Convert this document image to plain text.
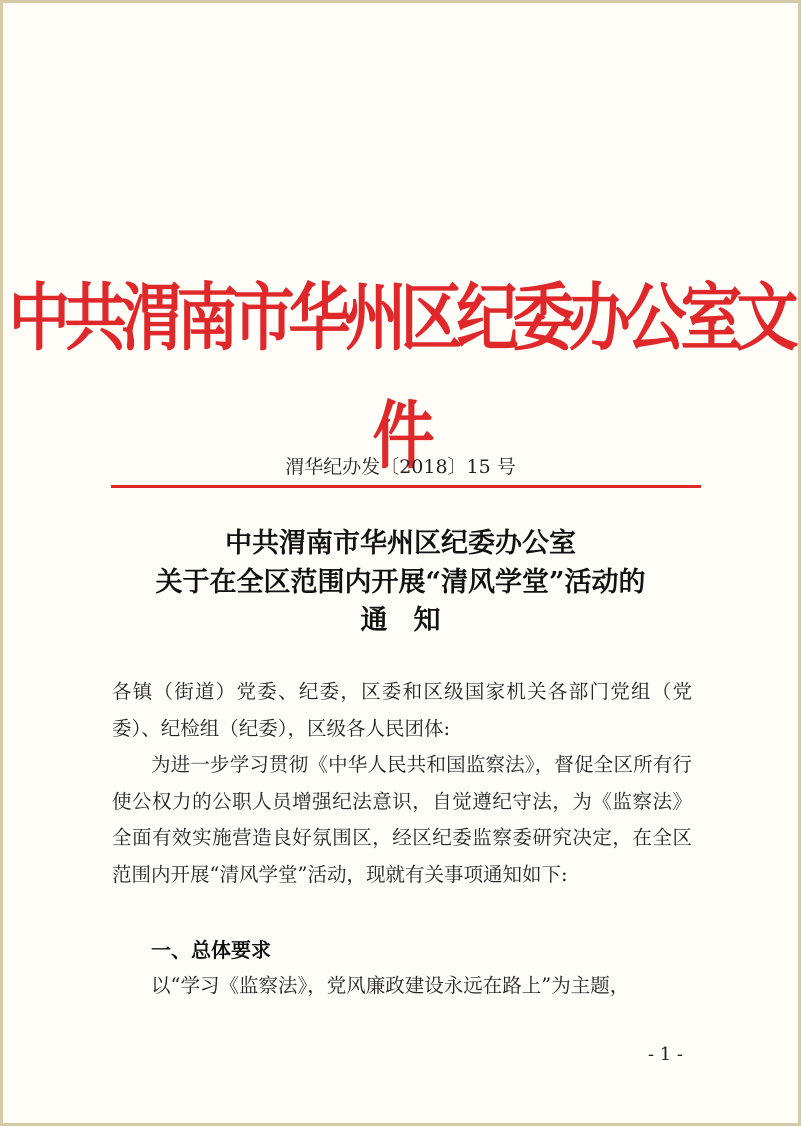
中共渭南市华州区纪委办公室文件
渭华纪办发〔2018〕15 号
中共渭南市华州区纪委办公室
关于在全区范围内开展“清风学堂”活动的
通知
各镇（街道）党委、纪委，区委和区级国家机关各部门党组（党委）、纪检组（纪委），区级各人民团体:
为进一步学习贯彻《中华人民共和国监察法》，督促全区所有行使公权力的公职人员增强纪法意识，自觉遵纪守法，为《监察法》全面有效实施营造良好氛围区，经区纪委监察委研究决定，在全区范围内开展“清风学堂”活动，现就有关事项通知如下:
一、总体要求
以“学习《监察法》，党风廉政建设永远在路上”为主题，
- 1 -
